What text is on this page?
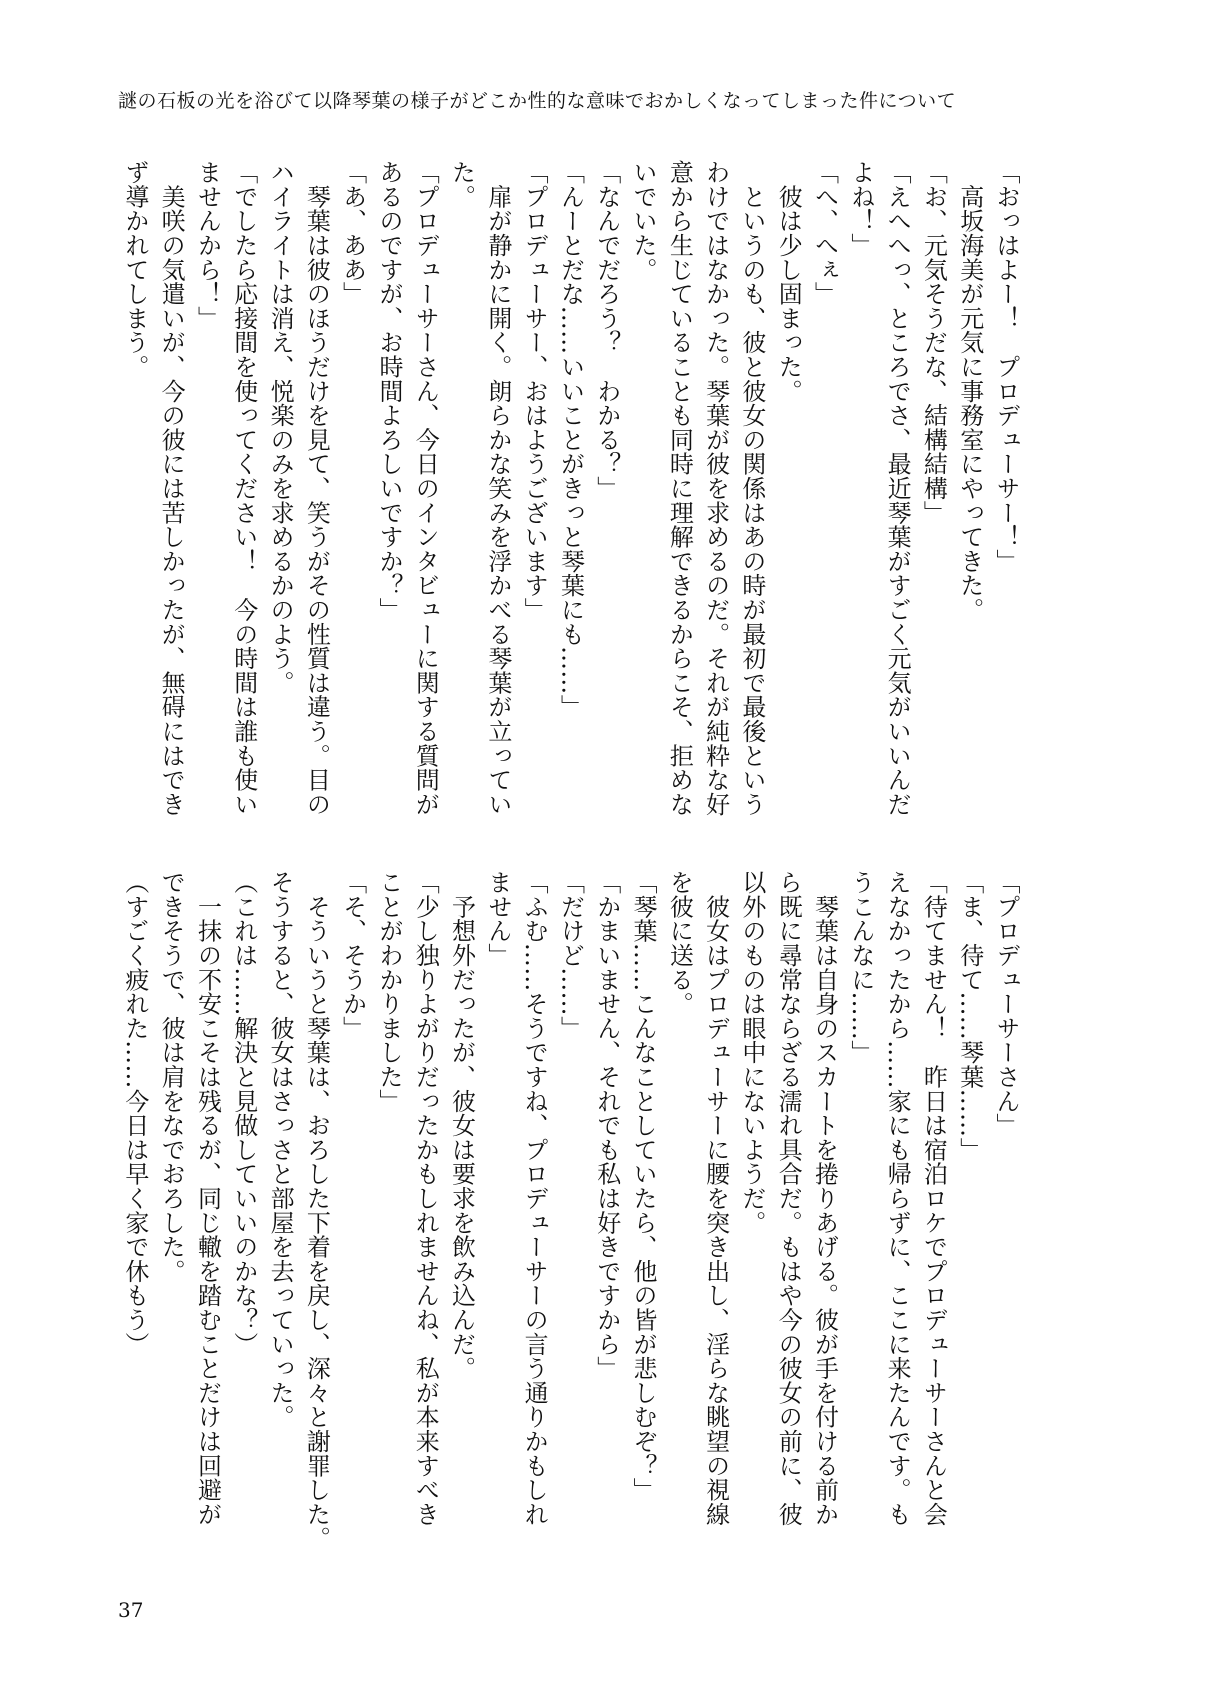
謎の石板の光を浴びて以降琴葉の様子がどこか性的な意味でおかしくなってしまった件について
「おっはよー！　プロデューサー！」
　高坂海美が元気に事務室にやってきた。
「お、元気そうだな、結構結構」
「えへへっ、ところでさ、最近琴葉がすごく元気がいいんだ
よね！」
「へ、へぇ」
　彼は少し固まった。
　というのも、彼と彼女の関係はあの時が最初で最後という
わけではなかった。琴葉が彼を求めるのだ。それが純粋な好
意から生じていることも同時に理解できるからこそ、拒めな
いでいた。
「なんでだろう？　わかる？」
「んーとだな……いいことがきっと琴葉にも……」
「プロデューサー、おはようございます」
　扉が静かに開く。朗らかな笑みを浮かべる琴葉が立ってい
た。
「プロデューサーさん、今日のインタビューに関する質問が
あるのですが、お時間よろしいですか？」
「あ、ああ」
　琴葉は彼のほうだけを見て、笑うがその性質は違う。目の
ハイライトは消え、悦楽のみを求めるかのよう。
「でしたら応接間を使ってください！　今の時間は誰も使い
ませんから！」
　美咲の気遣いが、今の彼には苦しかったが、無碍にはでき
ず導かれてしまう。
「プロデューサーさん」
「ま、待て……琴葉……」
「待てません！　昨日は宿泊ロケでプロデューサーさんと会
えなかったから……家にも帰らずに、ここに来たんです。も
うこんなに……」
　琴葉は自身のスカートを捲りあげる。彼が手を付ける前か
ら既に尋常ならざる濡れ具合だ。もはや今の彼女の前に、彼
以外のものは眼中にないようだ。
　彼女はプロデューサーに腰を突き出し、淫らな眺望の視線
を彼に送る。
「琴葉……こんなことしていたら、他の皆が悲しむぞ？」
「かまいません、それでも私は好きですから」
「だけど……」
「ふむ……そうですね、プロデューサーの言う通りかもしれ
ません」
　予想外だったが、彼女は要求を飲み込んだ。
「少し独りよがりだったかもしれませんね、私が本来すべき
ことがわかりました」
「そ、そうか」
　そういうと琴葉は、おろした下着を戻し、深々と謝罪した。
そうすると、彼女はさっさと部屋を去っていった。
（これは……解決と見做していいのかな？）
　一抹の不安こそは残るが、同じ轍を踏むことだけは回避が
できそうで、彼は肩をなでおろした。
（すごく疲れた……今日は早く家で休もう）
37
